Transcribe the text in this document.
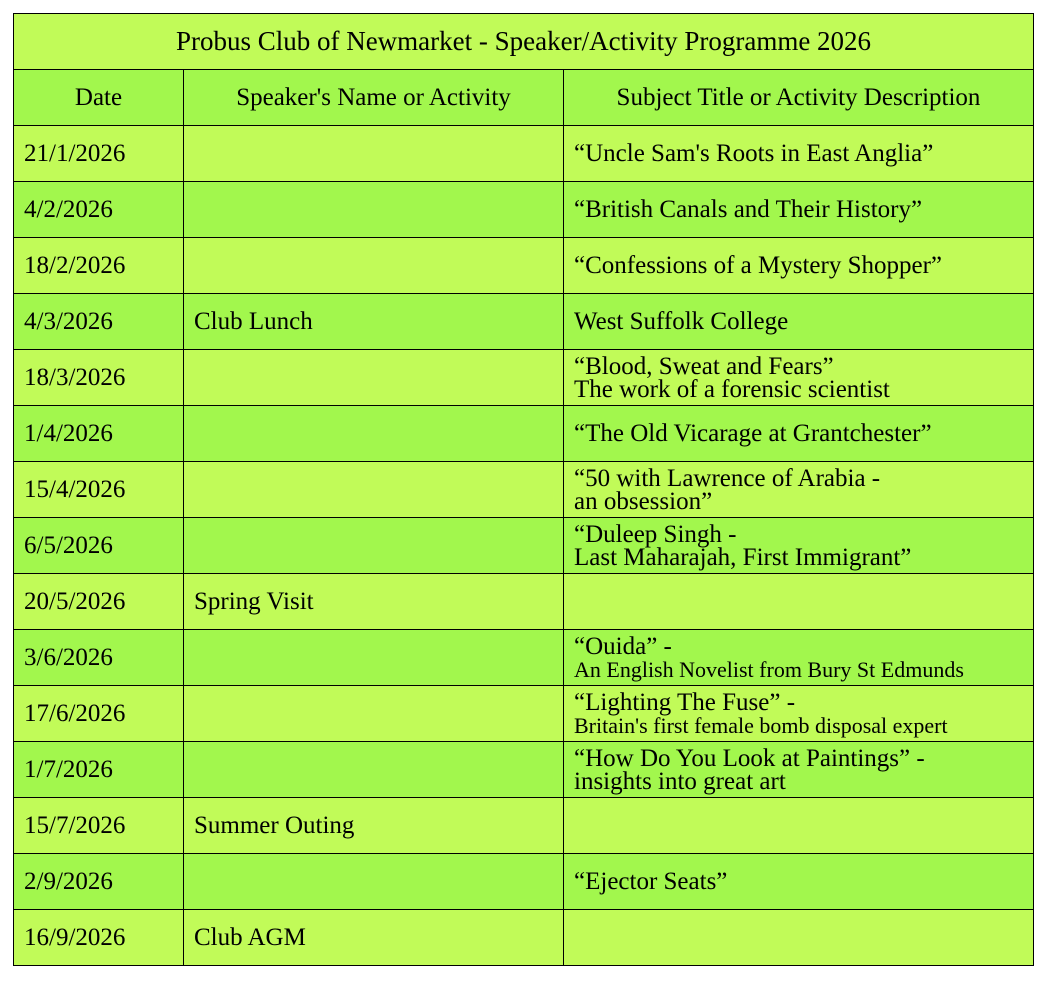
Probus Club of Newmarket - Speaker/Activity Programme 2026		
Date	Speaker's Name or Activity	Subject Title or Activity Description
21/1/2026		“Uncle Sam's Roots in East Anglia”

4/2/2026		“British Canals and Their History”

18/2/2026		“Confessions of a Mystery Shopper”

4/3/2026	Club Lunch	West Suffolk College

18/3/2026		“Blood, Sweat and Fears”
The work of a forensic scientist

1/4/2026		“The Old Vicarage at Grantchester”

15/4/2026		“50 with Lawrence of Arabia -
an obsession”

6/5/2026		“Duleep Singh -
Last Maharajah, First Immigrant”

20/5/2026	Spring Visit	

3/6/2026		“Ouida” -
An English Novelist from Bury St Edmunds

17/6/2026		“Lighting The Fuse” -
Britain's first female bomb disposal expert

1/7/2026		“How Do You Look at Paintings” -
insights into great art

15/7/2026	Summer Outing	

2/9/2026		“Ejector Seats”

16/9/2026	Club AGM	
